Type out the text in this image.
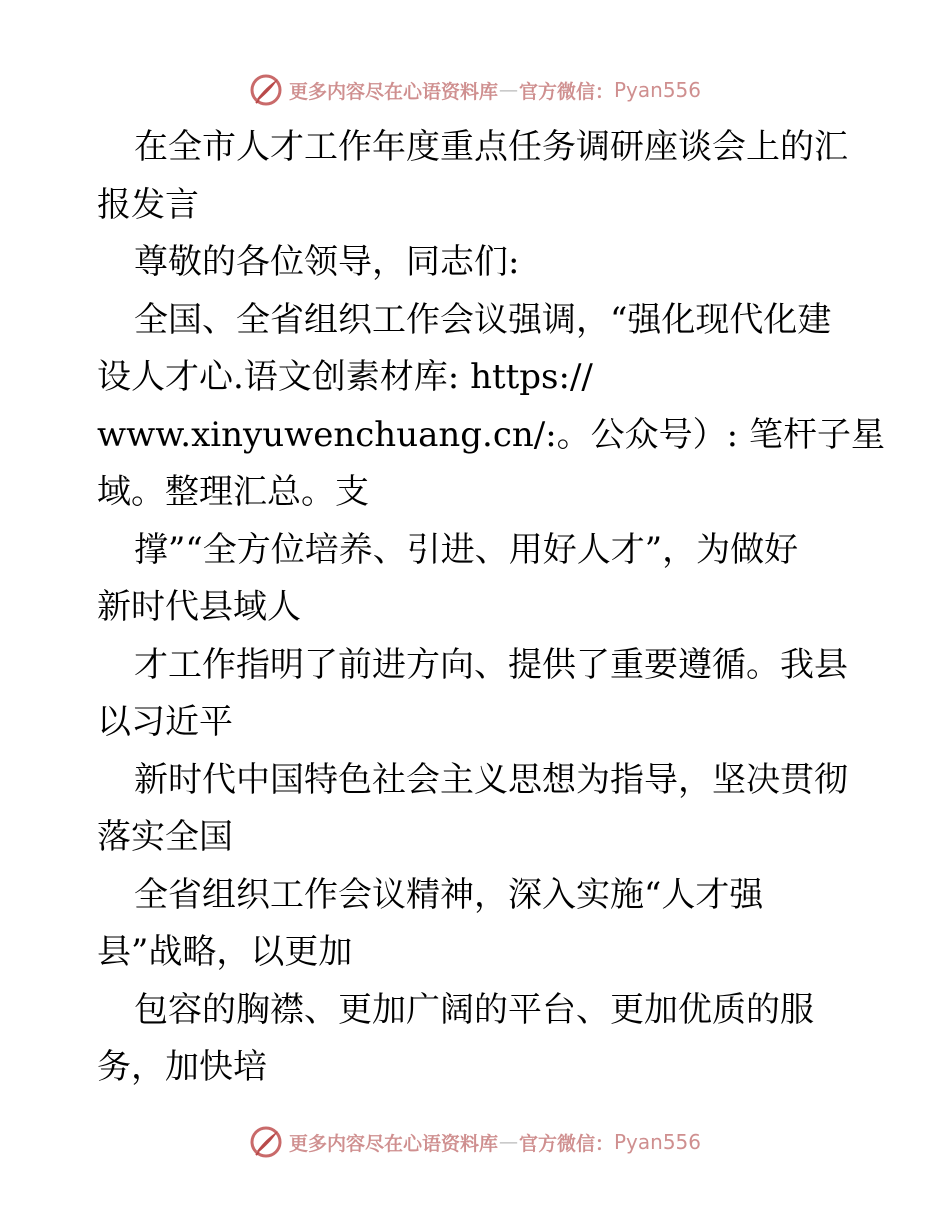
更多内容尽在心语资料库 — 官方微信： Pyan556
在全市人才工作年度重点任务调研座谈会上的汇
报发言
尊敬的各位领导，同志们:
全国、全省组织工作会议强调，“强化现代化建
设人才心.语文创素材库: https://
www.xinyuwenchuang.cn/:。公众号）: 笔杆子星
域。整理汇总。支
撑”“全方位培养、引进、用好人才”，为做好
新时代县域人
才工作指明了前进方向、提供了重要遵循。我县
以习近平
新时代中国特色社会主义思想为指导，坚决贯彻
落实全国
全省组织工作会议精神，深入实施“人才强
县”战略，以更加
包容的胸襟、更加广阔的平台、更加优质的服
务，加快培
更多内容尽在心语资料库 — 官方微信： Pyan556
